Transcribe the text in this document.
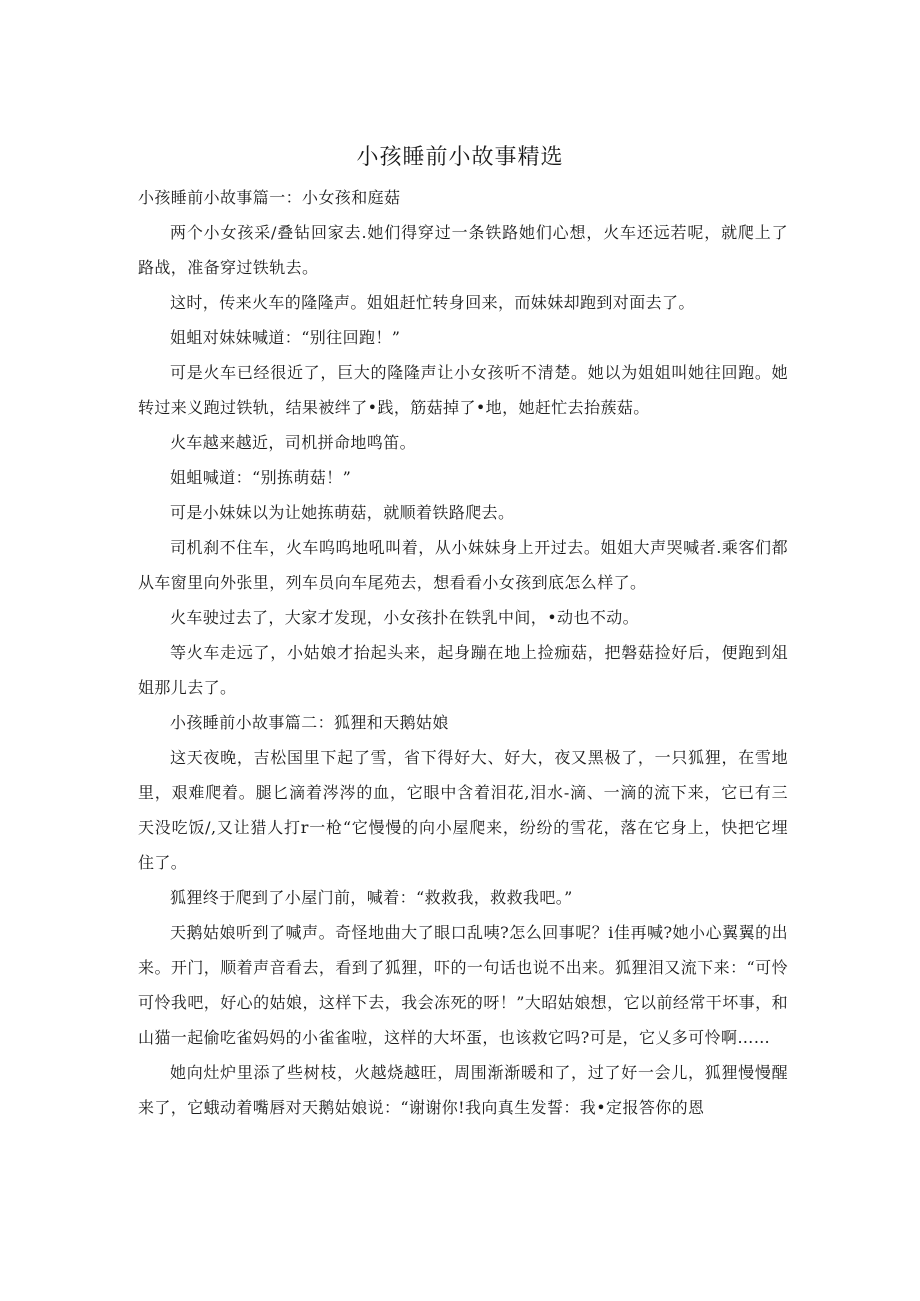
小孩睡前小故事精选

小孩睡前小故事篇一：小女孩和庭菇

两个小女孩采/叠钻回家去.她们得穿过一条铁路她们心想，火车还远若呢，就爬上了路战，准备穿过铁轨去。

这时，传来火车的隆隆声。姐姐赶忙转身回来，而妹妹却跑到对面去了。

姐蛆对妹妹喊道：“别往回跑！”

可是火车已经很近了，巨大的隆隆声让小女孩听不清楚。她以为姐姐叫她往回跑。她转过来义跑过铁轨，结果被绊了•践，筋菇掉了•地，她赶忙去抬蔟菇。

火车越来越近，司机拼命地鸣笛。

姐蛆喊道：“别拣萌菇！”

可是小妹妹以为让她拣萌菇，就顺着铁路爬去。

司机刹不住车，火车呜呜地吼叫着，从小妹妹身上开过去。姐姐大声哭喊者.乘客们都从车窗里向外张里，列车员向车尾苑去，想看看小女孩到底怎么样了。

火车驶过去了，大家才发现，小女孩扑在铁乳中间，•动也不动。

等火车走远了，小姑娘才抬起头来，起身蹦在地上捡痂菇，把磐菇捡好后，便跑到俎姐那儿去了。

小孩睡前小故事篇二：狐狸和天鹅姑娘

这天夜晚，吉松国里下起了雪，省下得好大、好大，夜又黑极了，一只狐狸，在雪地里，艰难爬着。腿匕滴着涔涔的血，它眼中含着泪花,泪水-滴、一滴的流下来，它已有三天没吃饭/,又让猎人打r一枪“它慢慢的向小屋爬来，纷纷的雪花，落在它身上，快把它埋住了。

狐狸终于爬到了小屋门前，喊着：“救救我，救救我吧。”

天鹅姑娘听到了喊声。奇怪地曲大了眼口乱咦?怎么回事呢？i佳再喊?她小心翼翼的出来。开门，顺着声音看去，看到了狐狸，吓的一句话也说不出来。狐狸泪又流下来：“可怜可怜我吧，好心的姑娘，这样下去，我会冻死的呀！”大昭姑娘想，它以前经常干坏事，和山猫一起偷吃雀妈妈的小雀雀啦，这样的大坏蛋，也该救它吗?可是，它乂多可怜啊……

她向灶炉里添了些树枝，火越烧越旺，周围渐渐暖和了，过了好一会儿，狐狸慢慢醒来了，它蛾动着嘴唇对天鹅姑娘说：“谢谢你!我向真生发誓：我•定报答你的恩
